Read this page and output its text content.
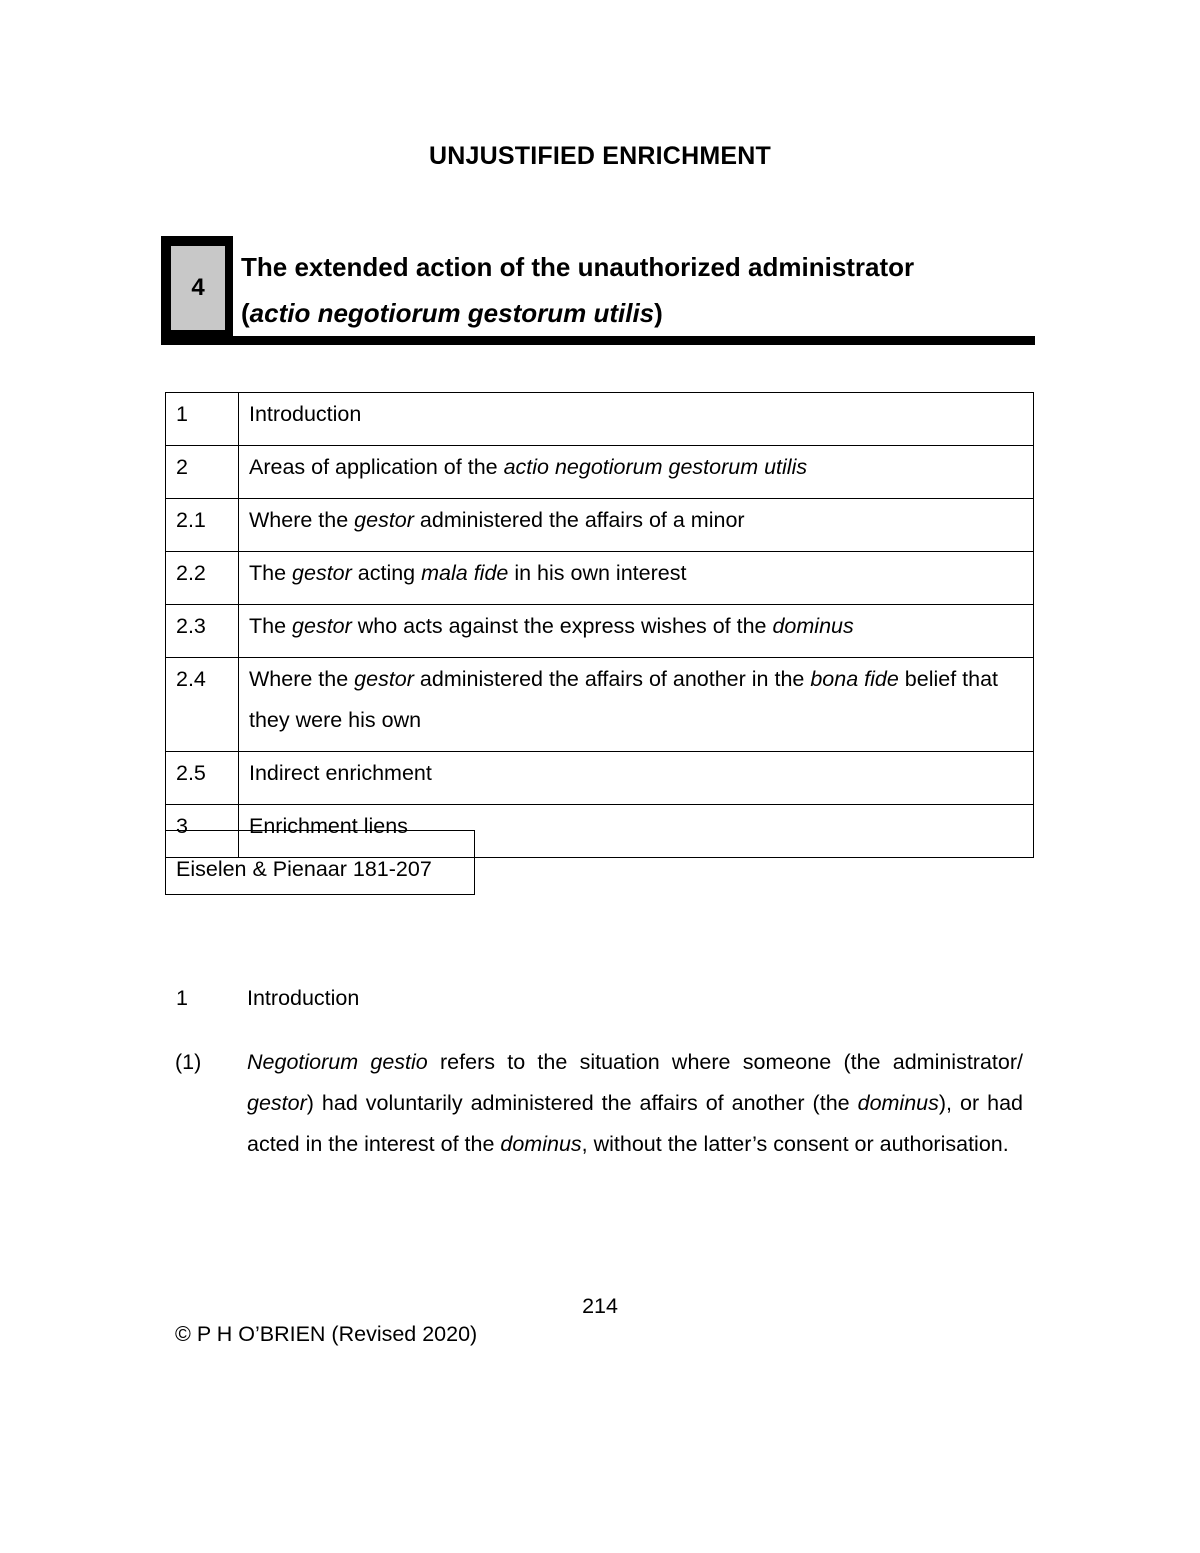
UNJUSTIFIED ENRICHMENT
4
The extended action of the unauthorized administrator
(actio negotiorum gestorum utilis)
1	Introduction
2	Areas of application of the actio negotiorum gestorum utilis
2.1	Where the gestor administered the affairs of a minor
2.2	The gestor acting mala fide in his own interest
2.3	The gestor who acts against the express wishes of the dominus
2.4	Where the gestor administered the affairs of another in the bona fide belief that they were his own
2.5	Indirect enrichment
3	Enrichment liens
Eiselen & Pienaar 181-207
1	Introduction
(1) Negotiorum gestio refers to the situation where someone (the administrator/ gestor) had voluntarily administered the affairs of another (the dominus), or had acted in the interest of the dominus, without the latter’s consent or authorisation.
214
© P H O’BRIEN (Revised 2020)
